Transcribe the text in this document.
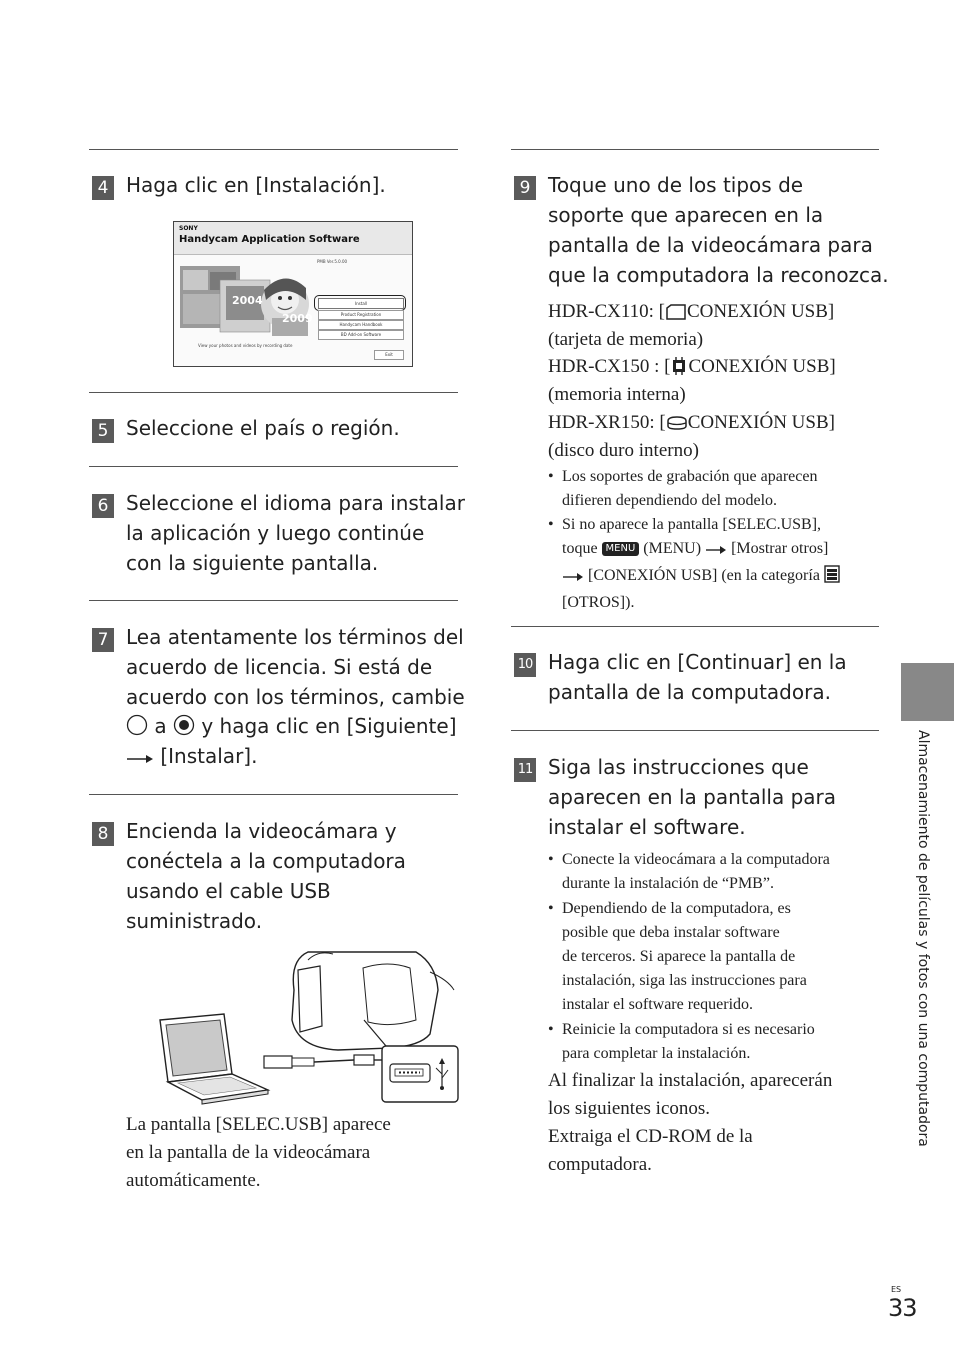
4 Haga clic en [Instalación].
SONY
Handycam Application Software
PMB Ver.5.0.00
2004
2009
Install
Product Registration
Handycam Handbook
BD Add-on Software
View your photos and videos by recording date
Exit
5 Seleccione el país o región.
6 Seleccione el idioma para instalar
la aplicación y luego continúe
con la siguiente pantalla.
7 Lea atentamente los términos del
acuerdo de licencia. Si está de
acuerdo con los términos, cambie
a y haga clic en [Siguiente]
[Instalar].
8 Encienda la videocámara y
conéctela a la computadora
usando el cable USB
suministrado.
La pantalla [SELEC.USB] aparece
en la pantalla de la videocámara
automáticamente.
9 Toque uno de los tipos de
soporte que aparecen en la
pantalla de la videocámara para
que la computadora la reconozca.
HDR-CX110: [ CONEXIÓN USB]
(tarjeta de memoria)
HDR-CX150 : [ CONEXIÓN USB]
(memoria interna)
HDR-XR150: [ CONEXIÓN USB]
(disco duro interno)
• Los soportes de grabación que aparecen
difieren dependiendo del modelo.
• Si no aparece la pantalla [SELEC.USB],
toque MENU (MENU) [Mostrar otros]
[CONEXIÓN USB] (en la categoría
[OTROS]).
10 Haga clic en [Continuar] en la
pantalla de la computadora.
11 Siga las instrucciones que
aparecen en la pantalla para
instalar el software.
• Conecte la videocámara a la computadora
durante la instalación de “PMB”.
• Dependiendo de la computadora, es
posible que deba instalar software
de terceros. Si aparece la pantalla de
instalación, siga las instrucciones para
instalar el software requerido.
• Reinicie la computadora si es necesario
para completar la instalación.
Al finalizar la instalación, aparecerán
los siguientes iconos.
Extraiga el CD-ROM de la
computadora.
Almacenamiento de películas y fotos con una computadora
ES
33
